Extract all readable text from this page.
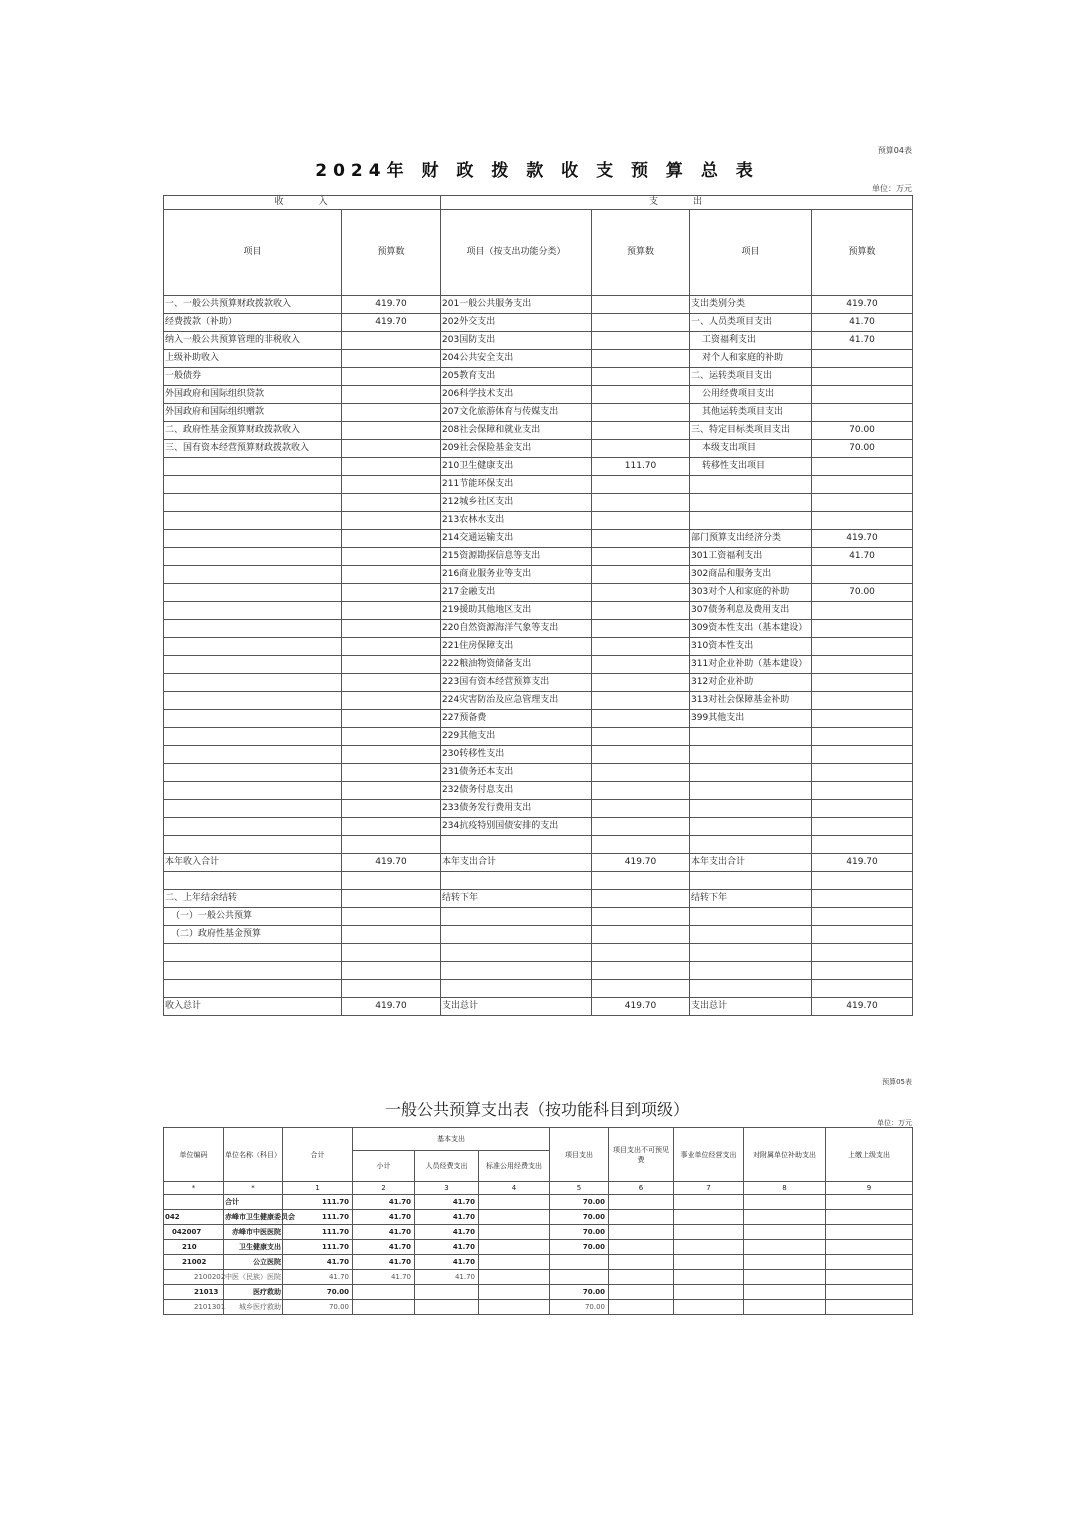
预算04表
2024年 财 政 拨 款 收 支 预 算 总 表
单位：万元
收　　　入		支　　　出			
项目	预算数	项目（按支出功能分类）	预算数	项目	预算数
一、一般公共预算财政拨款收入	419.70	201一般公共服务支出		支出类别分类	419.70
经费拨款（补助）	419.70	202外交支出		一、人员类项目支出	41.70
纳入一般公共预算管理的非税收入		203国防支出		工资福利支出	41.70
上级补助收入		204公共安全支出		对个人和家庭的补助	
一般债券		205教育支出		二、运转类项目支出	
外国政府和国际组织贷款		206科学技术支出		公用经费项目支出	
外国政府和国际组织赠款		207文化旅游体育与传媒支出		其他运转类项目支出	
二、政府性基金预算财政拨款收入		208社会保障和就业支出		三、特定目标类项目支出	70.00
三、国有资本经营预算财政拨款收入		209社会保险基金支出		本级支出项目	70.00
		210卫生健康支出	111.70	转移性支出项目	
		211节能环保支出			
		212城乡社区支出			
		213农林水支出			
		214交通运输支出		部门预算支出经济分类	419.70
		215资源勘探信息等支出		301工资福利支出	41.70
		216商业服务业等支出		302商品和服务支出	
		217金融支出		303对个人和家庭的补助	70.00
		219援助其他地区支出		307债务利息及费用支出	
		220自然资源海洋气象等支出		309资本性支出（基本建设）	
		221住房保障支出		310资本性支出	
		222粮油物资储备支出		311对企业补助（基本建设）	
		223国有资本经营预算支出		312对企业补助	
		224灾害防治及应急管理支出		313对社会保障基金补助	
		227预备费		399其他支出	
		229其他支出			
		230转移性支出			
		231债务还本支出			
		232债务付息支出			
		233债务发行费用支出			
		234抗疫特别国债安排的支出			

本年收入合计	419.70	本年支出合计	419.70	本年支出合计	419.70

二、上年结余结转		结转下年		结转下年	
（一）一般公共预算					
（二）政府性基金预算					

收入总计	419.70	支出总计	419.70	支出总计	419.70
预算05表
一般公共预算支出表（按功能科目到项级）
单位：万元
单位编码	单位名称（科目）	合计	基本支出			项目支出	项目支出不可预见费	事业单位经营支出	对附属单位补助支出	上缴上级支出
			小计	人员经费支出	标准公用经费支出					
*	*	1	2	3	4	5	6	7	8	9
	合计	111.70	41.70	41.70		70.00				
042	赤峰市卫生健康委员会	111.70	41.70	41.70		70.00				
042007	赤峰市中医医院	111.70	41.70	41.70		70.00				
210	卫生健康支出	111.70	41.70	41.70		70.00				
21002	公立医院	41.70	41.70	41.70						
2100202	中医（民族）医院	41.70	41.70	41.70						
21013	医疗救助	70.00				70.00				
2101301	城乡医疗救助	70.00				70.00				
